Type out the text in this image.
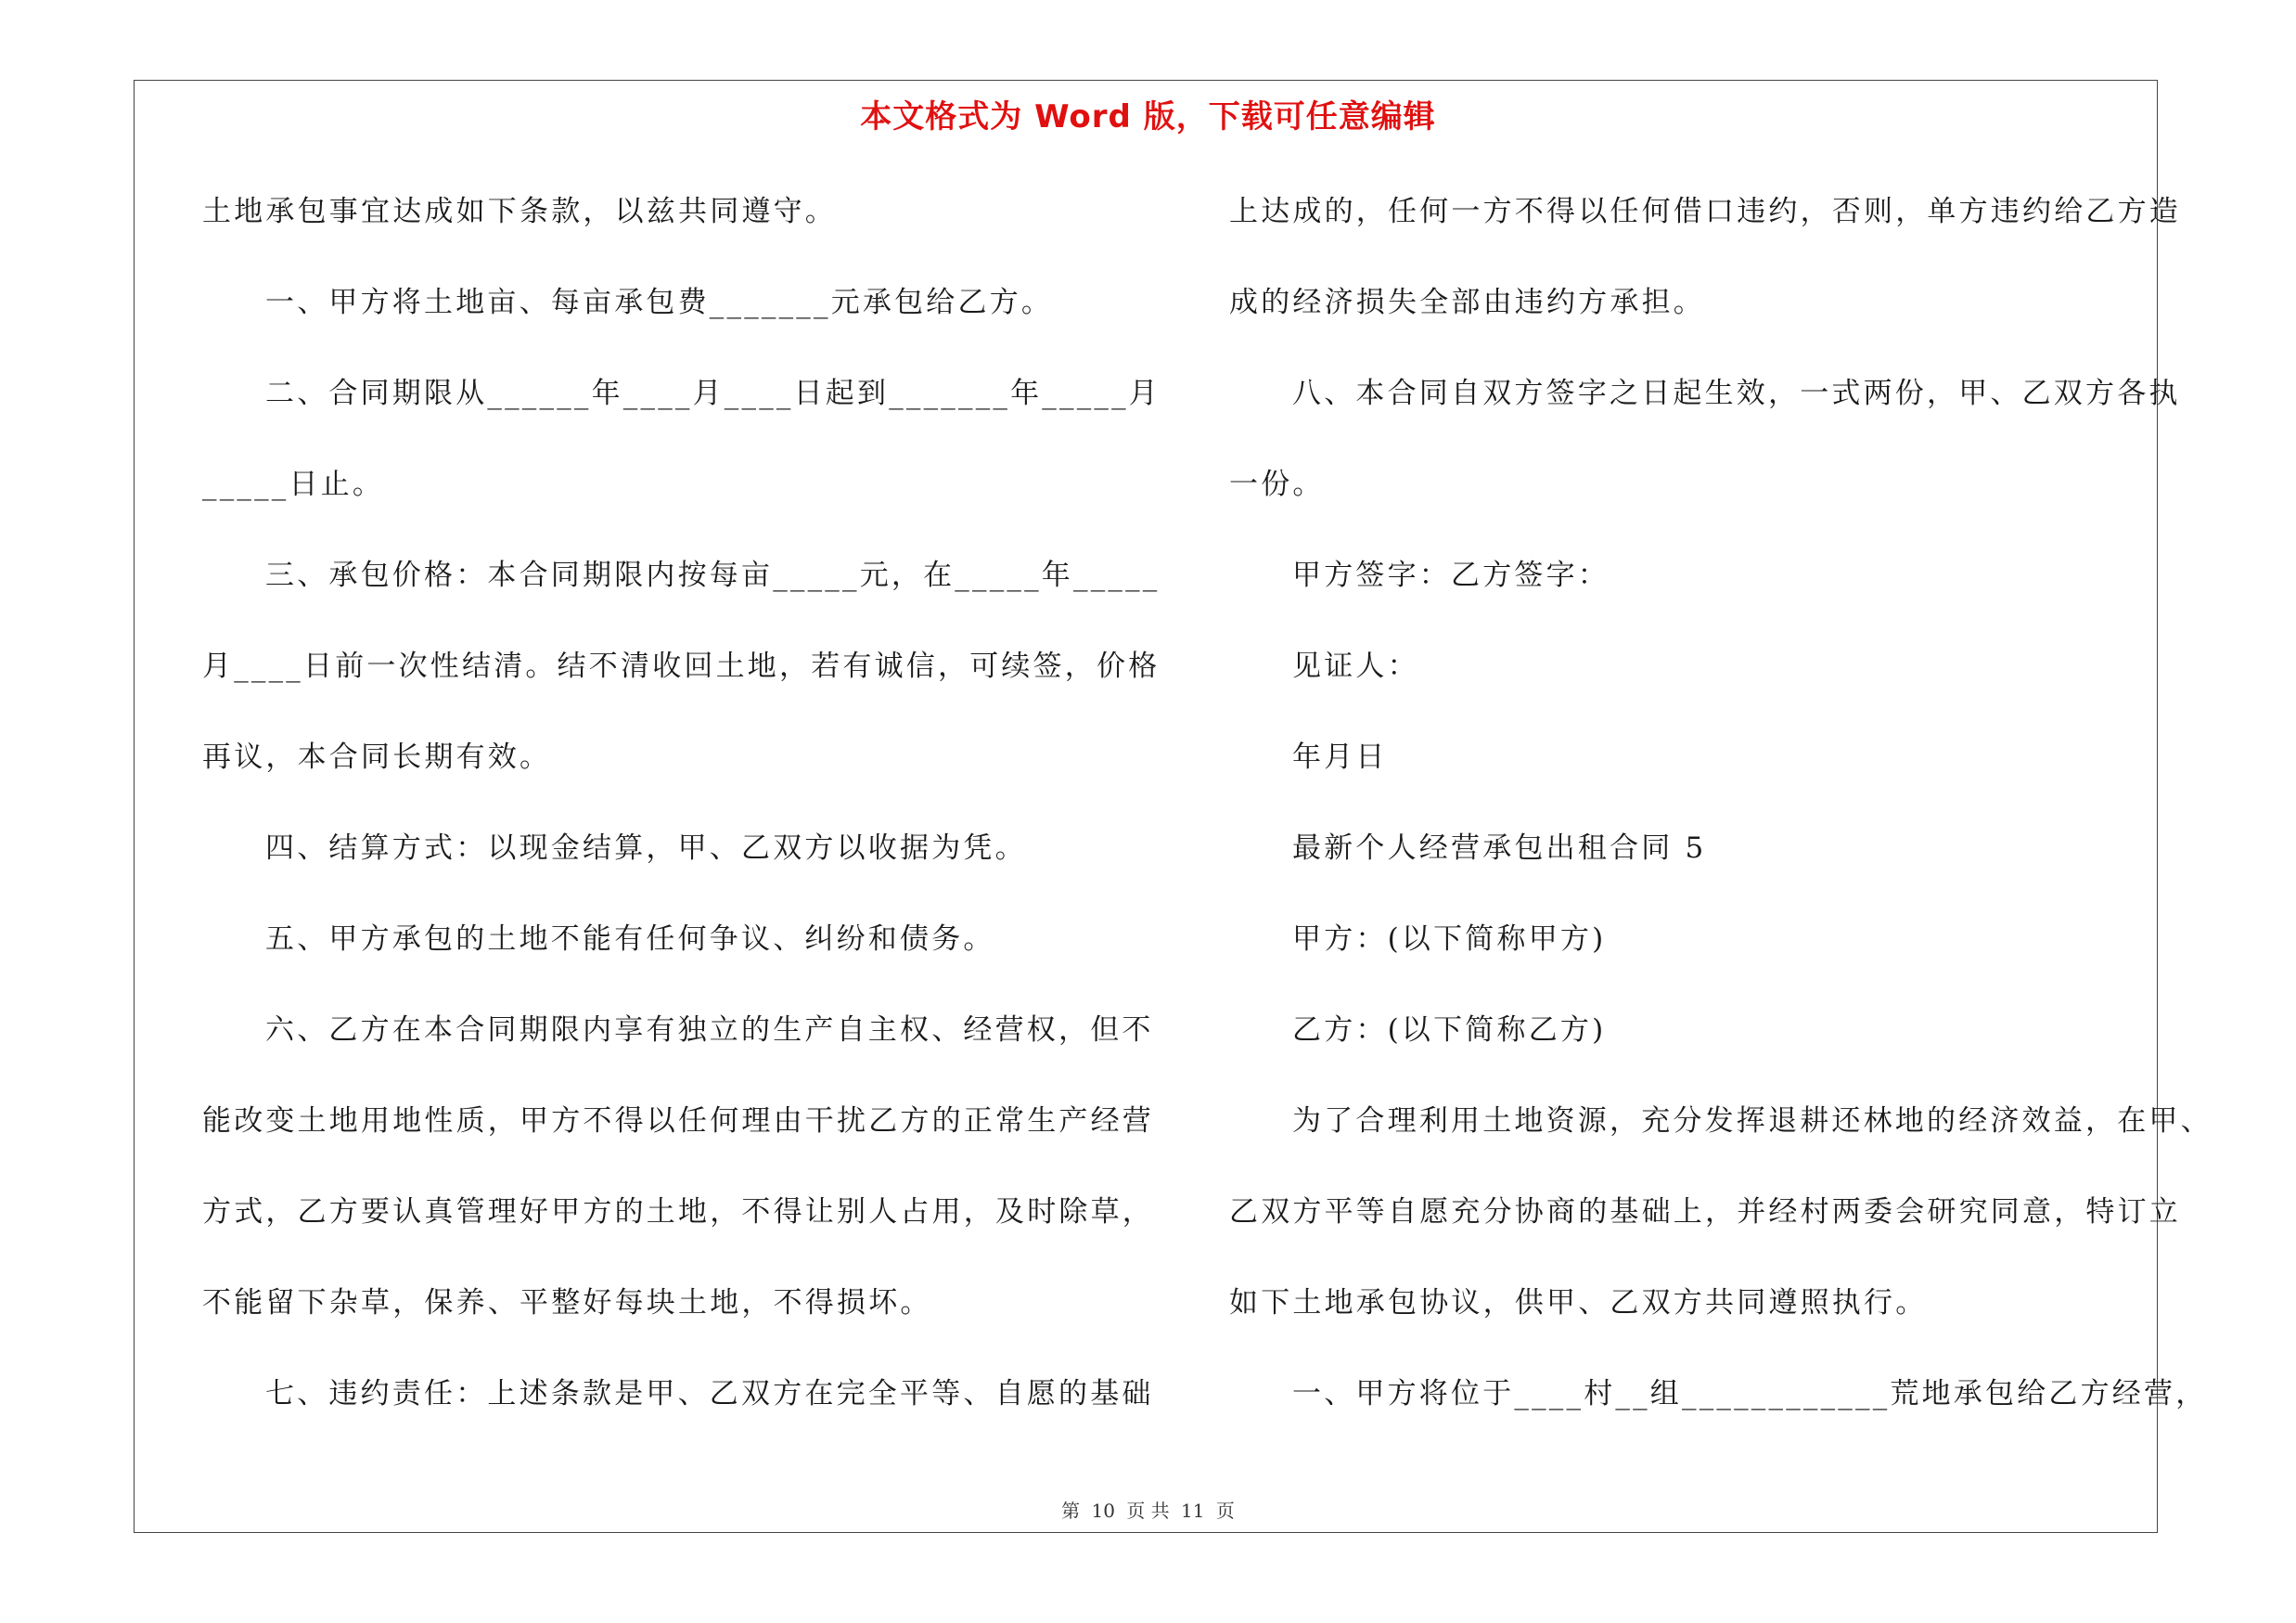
本文格式为 Word 版，下载可任意编辑
土地承包事宜达成如下条款，以兹共同遵守。
一、甲方将土地亩、每亩承包费_______元承包给乙方。
二、合同期限从______年____月____日起到_______年_____月
_____日止。
三、承包价格：本合同期限内按每亩_____元，在_____年_____
月____日前一次性结清。结不清收回土地，若有诚信，可续签，价格
再议，本合同长期有效。
四、结算方式：以现金结算，甲、乙双方以收据为凭。
五、甲方承包的土地不能有任何争议、纠纷和债务。
六、乙方在本合同期限内享有独立的生产自主权、经营权，但不
能改变土地用地性质，甲方不得以任何理由干扰乙方的正常生产经营
方式，乙方要认真管理好甲方的土地，不得让别人占用，及时除草，
不能留下杂草，保养、平整好每块土地，不得损坏。
七、违约责任：上述条款是甲、乙双方在完全平等、自愿的基础
上达成的，任何一方不得以任何借口违约，否则，单方违约给乙方造
成的经济损失全部由违约方承担。
八、本合同自双方签字之日起生效，一式两份，甲、乙双方各执
一份。
甲方签字：乙方签字：
见证人：
年月日
最新个人经营承包出租合同 5
甲方：(以下简称甲方)
乙方：(以下简称乙方)
为了合理利用土地资源，充分发挥退耕还林地的经济效益，在甲、
乙双方平等自愿充分协商的基础上，并经村两委会研究同意，特订立
如下土地承包协议，供甲、乙双方共同遵照执行。
一、甲方将位于____村__组____________荒地承包给乙方经营，
第 10 页 共 11 页
